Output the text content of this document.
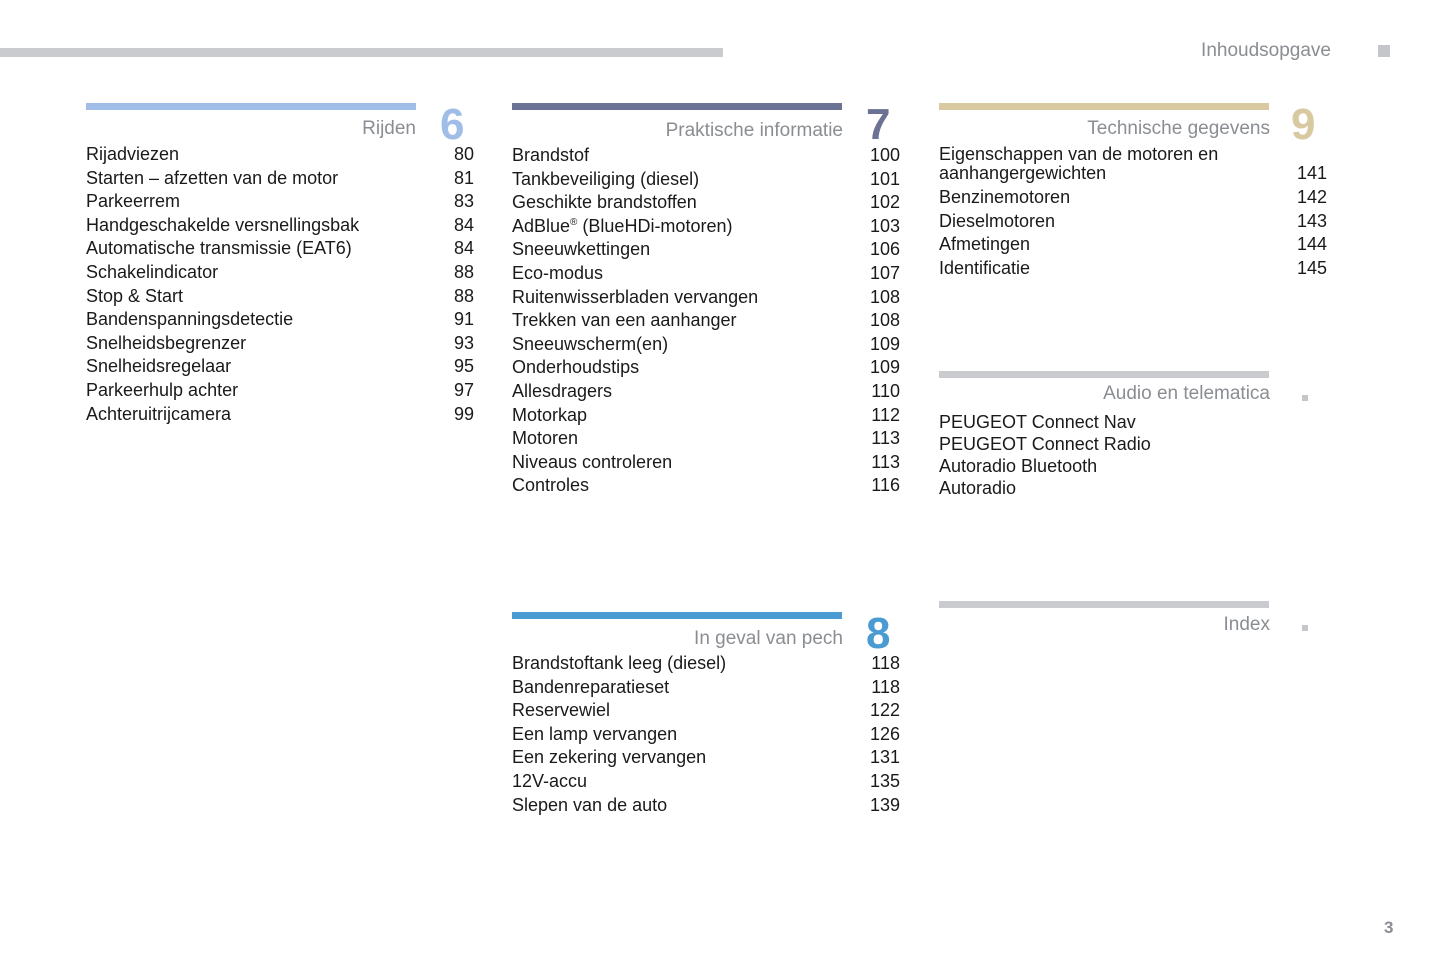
Inhoudsopgave
Rijden 6
Rijadviezen	80
Starten – afzetten van de motor	81
Parkeerrem	83
Handgeschakelde versnellingsbak	84
Automatische transmissie (EAT6)	84
Schakelindicator	88
Stop & Start	88
Bandenspanningsdetectie	91
Snelheidsbegrenzer	93
Snelheidsregelaar	95
Parkeerhulp achter	97
Achteruitrijcamera	99
Praktische informatie 7
Brandstof	100
Tankbeveiliging (diesel)	101
Geschikte brandstoffen	102
AdBlue® (BlueHDi-motoren)	103
Sneeuwkettingen	106
Eco-modus	107
Ruitenwisserbladen vervangen	108
Trekken van een aanhanger	108
Sneeuwscherm(en)	109
Onderhoudstips	109
Allesdragers	110
Motorkap	112
Motoren	113
Niveaus controleren	113
Controles	116
Technische gegevens 9
Eigenschappen van de motoren en
aanhangergewichten	141
Benzinemotoren	142
Dieselmotoren	143
Afmetingen	144
Identificatie	145
Audio en telematica
PEUGEOT Connect Nav
PEUGEOT Connect Radio
Autoradio Bluetooth
Autoradio
In geval van pech 8
Brandstoftank leeg (diesel)	118
Bandenreparatieset	118
Reservewiel	122
Een lamp vervangen	126
Een zekering vervangen	131
12V-accu	135
Slepen van de auto	139
Index
3
